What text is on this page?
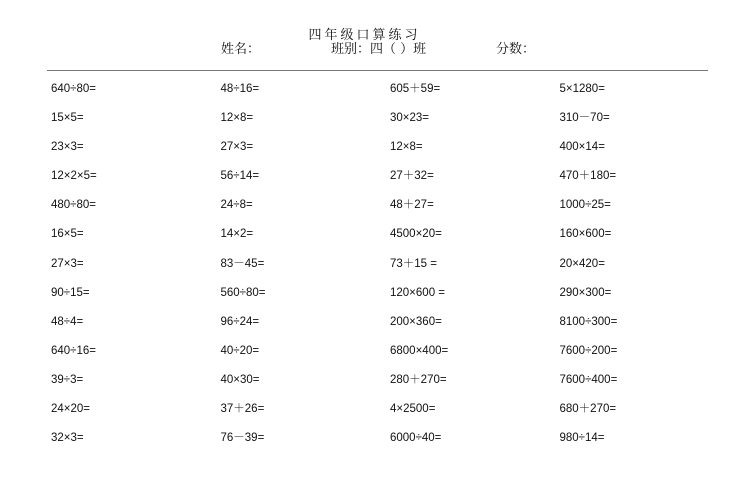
四年级口算练习
姓名：	班别：四（ ）班	分数：
640÷80=	48÷16=	605＋59=	5×1280=
15×5=	12×8=	30×23=	310－70=
23×3=	27×3=	12×8=	400×14=
12×2×5=	56÷14=	27＋32=	470＋180=
480÷80=	24÷8=	48＋27=	1000÷25=
16×5=	14×2=	4500×20=	160×600=
27×3=	83－45=	73＋15 =	20×420=
90÷15=	560÷80=	120×600 =	290×300=
48÷4=	96÷24=	200×360=	8100÷300=
640÷16=	40÷20=	6800×400=	7600÷200=
39÷3=	40×30=	280＋270=	7600÷400=
24×20=	37＋26=	4×2500=	680＋270=
32×3=	76－39=	6000÷40=	980÷14=
